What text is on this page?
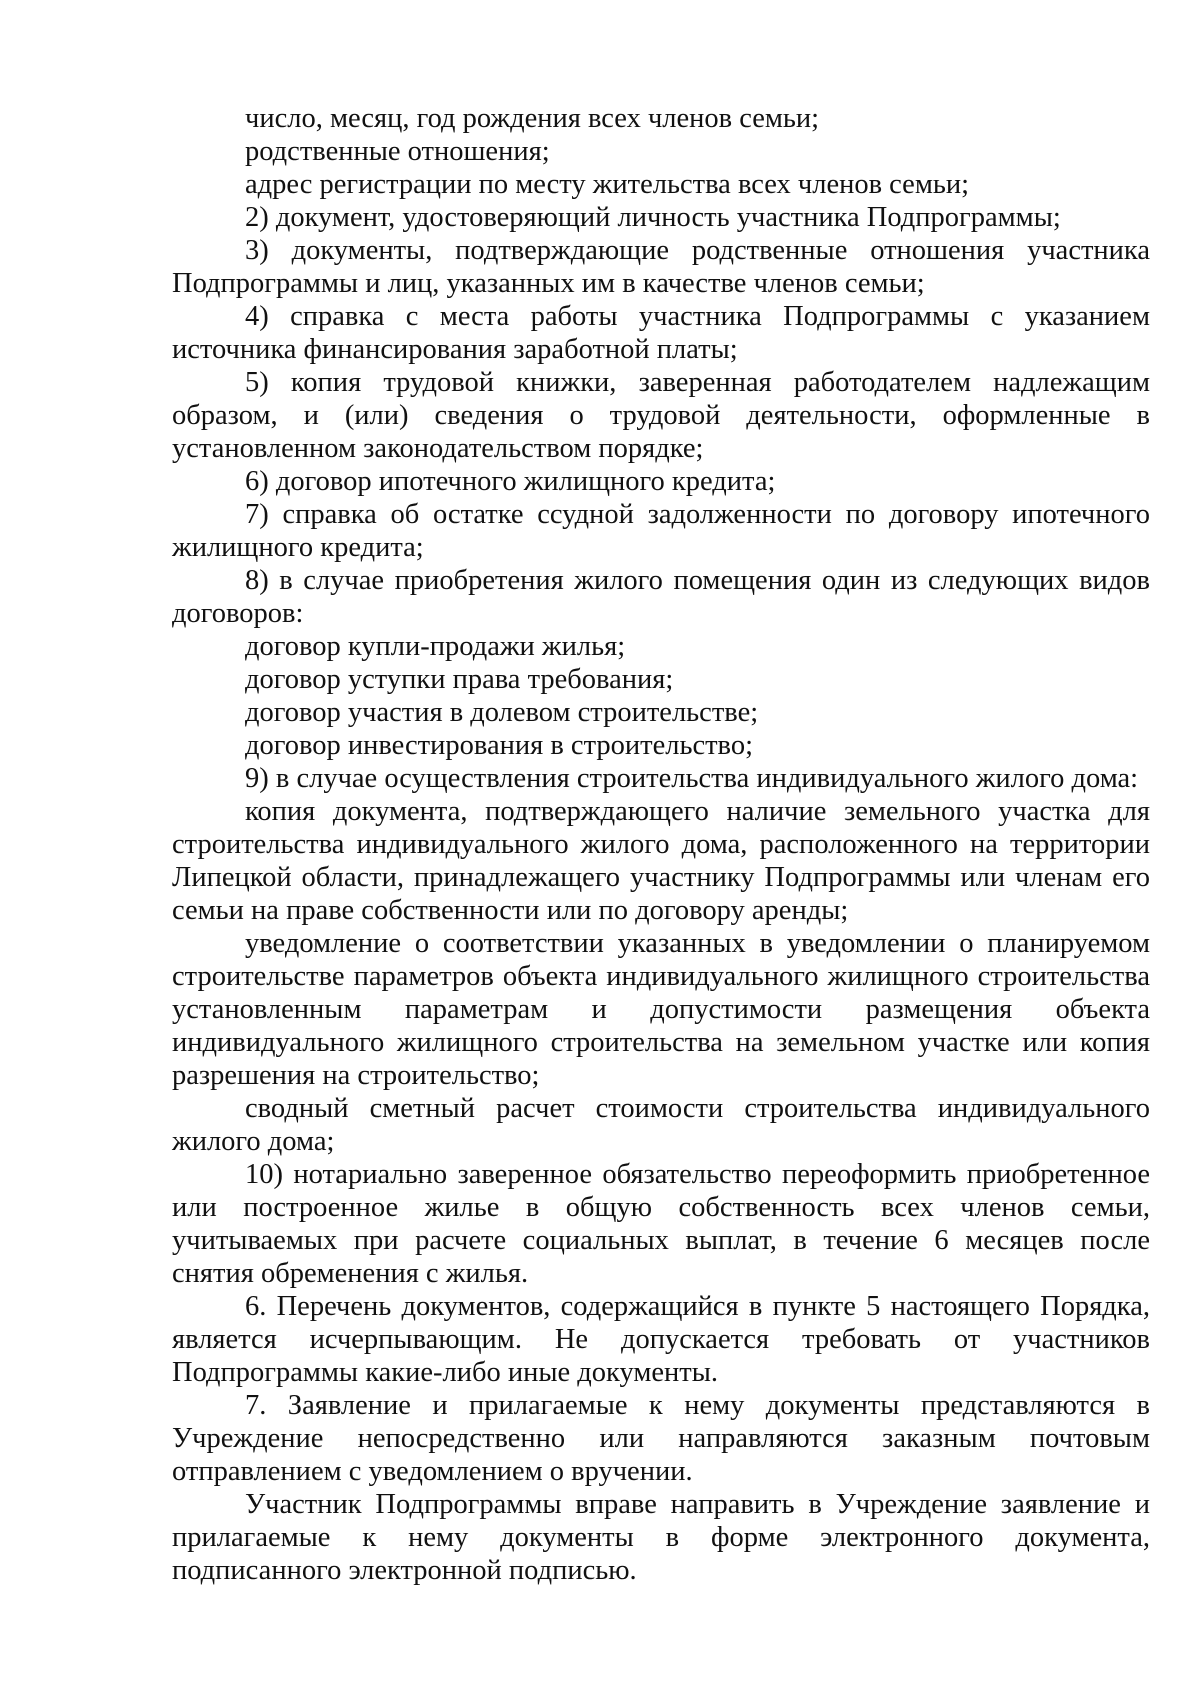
число, месяц, год рождения всех членов семьи;

родственные отношения;

адрес регистрации по месту жительства всех членов семьи;

2) документ, удостоверяющий личность участника Подпрограммы;

3) документы, подтверждающие родственные отношения участника Подпрограммы и лиц, указанных им в качестве членов семьи;

4) справка с места работы участника Подпрограммы с указанием источника финансирования заработной платы;

5) копия трудовой книжки, заверенная работодателем надлежащим образом, и (или) сведения о трудовой деятельности, оформленные в установленном законодательством порядке;

6) договор ипотечного жилищного кредита;

7) справка об остатке ссудной задолженности по договору ипотечного жилищного кредита;

8) в случае приобретения жилого помещения один из следующих видов договоров:

договор купли-продажи жилья;

договор уступки права требования;

договор участия в долевом строительстве;

договор инвестирования в строительство;

9) в случае осуществления строительства индивидуального жилого дома:

копия документа, подтверждающего наличие земельного участка для строительства индивидуального жилого дома, расположенного на территории Липецкой области, принадлежащего участнику Подпрограммы или членам его семьи на праве собственности или по договору аренды;

уведомление о соответствии указанных в уведомлении о планируемом строительстве параметров объекта индивидуального жилищного строительства установленным параметрам и допустимости размещения объекта индивидуального жилищного строительства на земельном участке или копия разрешения на строительство;

сводный сметный расчет стоимости строительства индивидуального жилого дома;

10) нотариально заверенное обязательство переоформить приобретенное или построенное жилье в общую собственность всех членов семьи, учитываемых при расчете социальных выплат, в течение 6 месяцев после снятия обременения с жилья.

6. Перечень документов, содержащийся в пункте 5 настоящего Порядка, является исчерпывающим. Не допускается требовать от участников Подпрограммы какие-либо иные документы.

7. Заявление и прилагаемые к нему документы представляются в Учреждение непосредственно или направляются заказным почтовым отправлением с уведомлением о вручении.

Участник Подпрограммы вправе направить в Учреждение заявление и прилагаемые к нему документы в форме электронного документа, подписанного электронной подписью.
